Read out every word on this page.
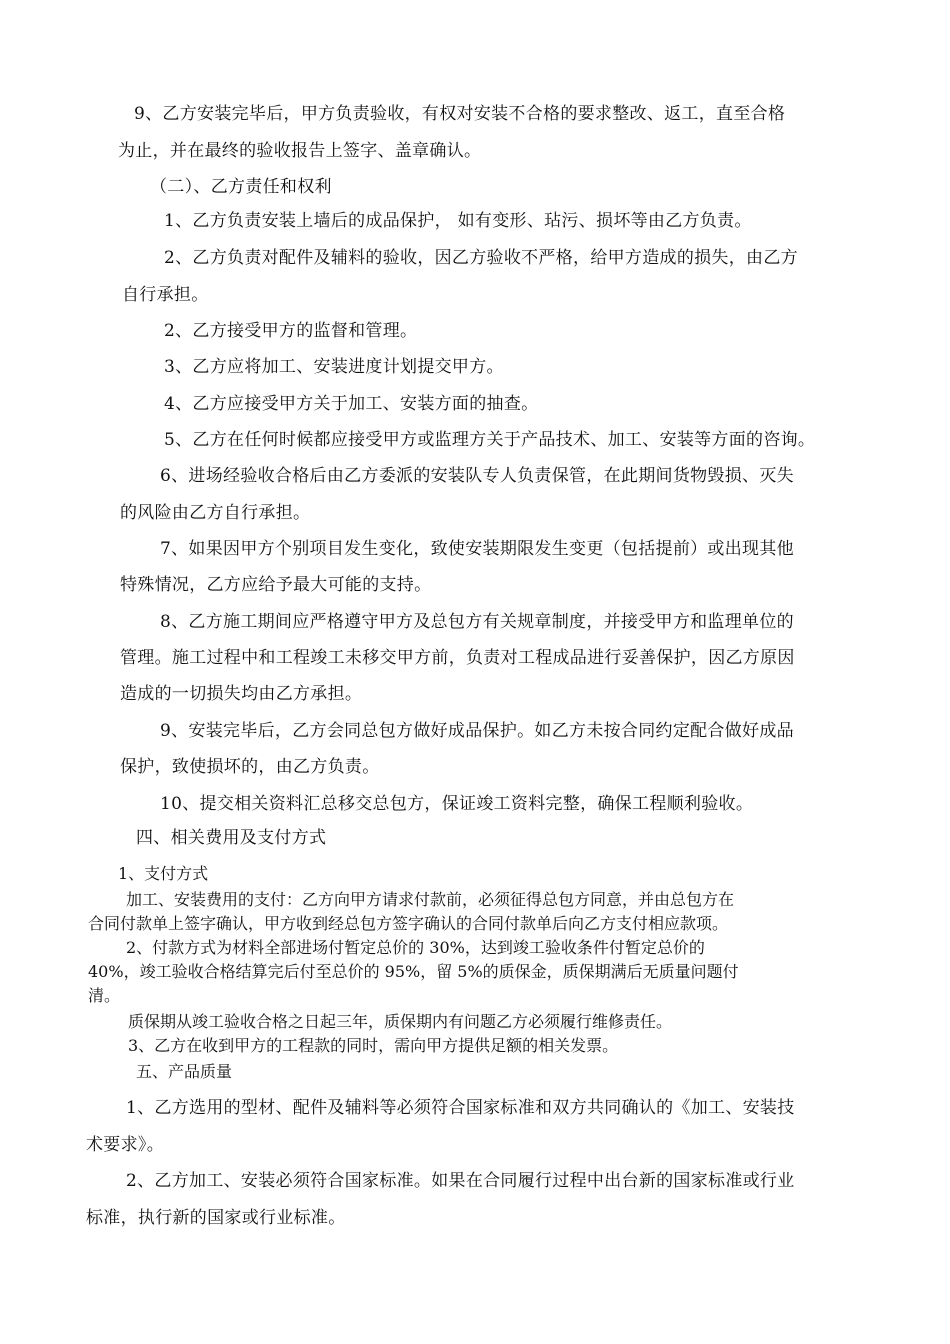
9、乙方安装完毕后，甲方负责验收，有权对安装不合格的要求整改、返工，直至合格
为止，并在最终的验收报告上签字、盖章确认。
（二）、乙方责任和权利
1、乙方负责安装上墙后的成品保护， 如有变形、玷污、损坏等由乙方负责。
2、乙方负责对配件及辅料的验收，因乙方验收不严格，给甲方造成的损失，由乙方
自行承担。
2、乙方接受甲方的监督和管理。
3、乙方应将加工、安装进度计划提交甲方。
4、乙方应接受甲方关于加工、安装方面的抽查。
5、乙方在任何时候都应接受甲方或监理方关于产品技术、加工、安装等方面的咨询。
6、进场经验收合格后由乙方委派的安装队专人负责保管，在此期间货物毁损、灭失
的风险由乙方自行承担。
7、如果因甲方个别项目发生变化，致使安装期限发生变更（包括提前）或出现其他
特殊情况，乙方应给予最大可能的支持。
8、乙方施工期间应严格遵守甲方及总包方有关规章制度，并接受甲方和监理单位的
管理。施工过程中和工程竣工未移交甲方前，负责对工程成品进行妥善保护，因乙方原因
造成的一切损失均由乙方承担。
9、安装完毕后，乙方会同总包方做好成品保护。如乙方未按合同约定配合做好成品
保护，致使损坏的，由乙方负责。
10、提交相关资料汇总移交总包方，保证竣工资料完整，确保工程顺利验收。
四、相关费用及支付方式
1、支付方式
加工、安装费用的支付：乙方向甲方请求付款前，必须征得总包方同意，并由总包方在
合同付款单上签字确认，甲方收到经总包方签字确认的合同付款单后向乙方支付相应款项。
2、付款方式为材料全部进场付暂定总价的 30%，达到竣工验收条件付暂定总价的
40%，竣工验收合格结算完后付至总价的 95%，留 5%的质保金，质保期满后无质量问题付
清。
质保期从竣工验收合格之日起三年，质保期内有问题乙方必须履行维修责任。
3、乙方在收到甲方的工程款的同时，需向甲方提供足额的相关发票。
五、产品质量
1、乙方选用的型材、配件及辅料等必须符合国家标准和双方共同确认的《加工、安装技
术要求》。
2、乙方加工、安装必须符合国家标准。如果在合同履行过程中出台新的国家标准或行业
标准，执行新的国家或行业标准。
